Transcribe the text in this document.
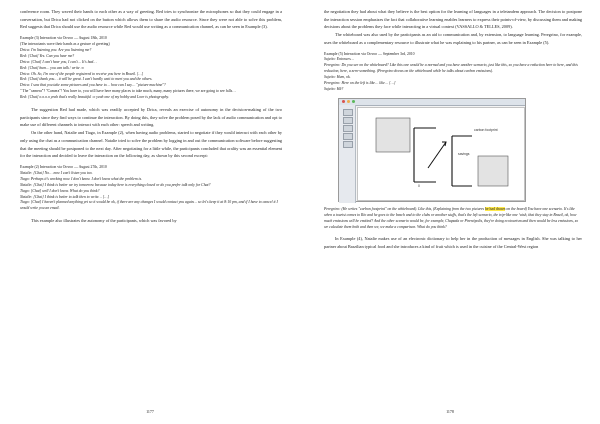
conference room. They waved their hands to each other as a way of greeting. Red tries to synchronize the microphones so that they could engage in a conversation, but Drica had not clicked on the button which allows them to share the audio resource. Since they were not able to solve this problem, Red suggests that Drica should use the audio resource while Red would use writing as a communication channel, as can be seen in Example (3).

Example (3) Interaction via Oovoo — August 18th, 2010
(The interactants wave their hands as a gesture of greeting)
Drica: I'm listening you. Are you listening me?
Red: [Chat] Yes. Can you hear me?
Drica: [Chat] I can't hear you, I can't… It's bad…
Red: [Chat] hum… you can talk / write :o
Drica: Oh. So, I'm one of the people registered to receive you here in Brazil. […]
Red: [Chat] thank you… it will be great. I can't hardly wait to meet you and the others.
Drica: I saw that you take some pictures and you have to… how can I say… "picture machine"?
" The "camera"? "Camera"! You have to, you will have here many places to take much, many, many pictures there, we are going to see falls…
Red: [Chat] o.o.o.o yeah that's really beautiful :o yeah one of my hobby and Love is photography.

The suggestion Red had made, which was readily accepted by Drica, reveals an exercise of autonomy in the decision-making of the two participants since they find ways to continue the interaction. By doing this, they solve the problem posed by the lack of audio communication and opt to make use of different channels to interact with each other: speech and writing.

On the other hand, Natalie and Tiago, in Example (2), when having audio problems, started to negotiate if they would interact with each other by only using the chat as a communication channel. Natalie tried to solve the problem by logging in and out the communication software before suggesting that the meeting should be postponed to the next day. After negotiating for a little while, the participants concluded that orality was an essential element for the interaction and decided to leave the interaction on the following day, as shown by this second excerpt:

Example (2) Interaction via Oovoo — August 27th, 2010
Natalie: [Chat] No… now I can't listen you too.
Tiago: Perhaps it's working now. I don't know. I don't know what the problem is.
Natalie: [Chat] I think is better we try tomorrow because today here is everything closed or do you prefer talk only for Chat?
Tiago: [Chat] well I don't know. What do you think?
Natalie: [Chat] I think is better to talk then to write… […]
Tiago: [Chat] I haven't planned anything yet so it would be ok, if there are any changes I would contact you again… so let's keep it at 8:10 pm, and if I have to cancel it I would write you an email.

This example also illustrates the autonomy of the participants, which was favored by

1177

the negotiation they had about what they believe is the best option for the learning of languages in a teletandem approach. The decision to postpone the interaction session emphasizes the fact that collaborative learning enables learners to express their points-of-view, by discussing them and making decisions about the problems they face while interacting in a virtual context (VASSALLO & TELLES, 2009).

The whiteboard was also used by the participants as an aid to communication and, by extension, to language learning. Peregrino, for example, uses the whiteboard as a complementary resource to illustrate what he was explaining to his partner, as can be seen in Example (5).

Example (5) Interaction via Oovoo — September 3rd, 2010
Sujeito: Entonces…
Peregrino: Do you see on the whiteboard? Like this one would be a normal and you have another scenario, just like this, so you have a reduction here to here, and this reduction, here, a zero-something. (Peregrino draws on the whiteboard while he talks about carbon emissions).
Sujeito: Hum, ok.
Peregrino: Here on the left is like… like… […]
Sujeito: Hã?
carbon footprint
savings
0
Peregrino: (He writes "carbon footprint" on the whiteboard). Like this, (Explaining from the two pictures he had drawn on the board) You have one scenario. It's like when a tourist comes to Rio and he goes to the beach and to the clubs or another stuffs, that's the left scenario, the trip-like one 'wish, that they stay in Brazil, ok, how much emissions will he emitted? And the other scenario would be, for example, Chapada or Pirenópolis, they're doing ecotourism and then would be less emissions, so we calculate them both and then we, we make a comparison. What do you think?

In Example (4), Natalie makes use of an electronic dictionary to help her in the production of messages in English. She was talking to her partner about Brazilian typical food and she introduces a kind of fruit which is used in the cuisine of the Central-West region

1178
